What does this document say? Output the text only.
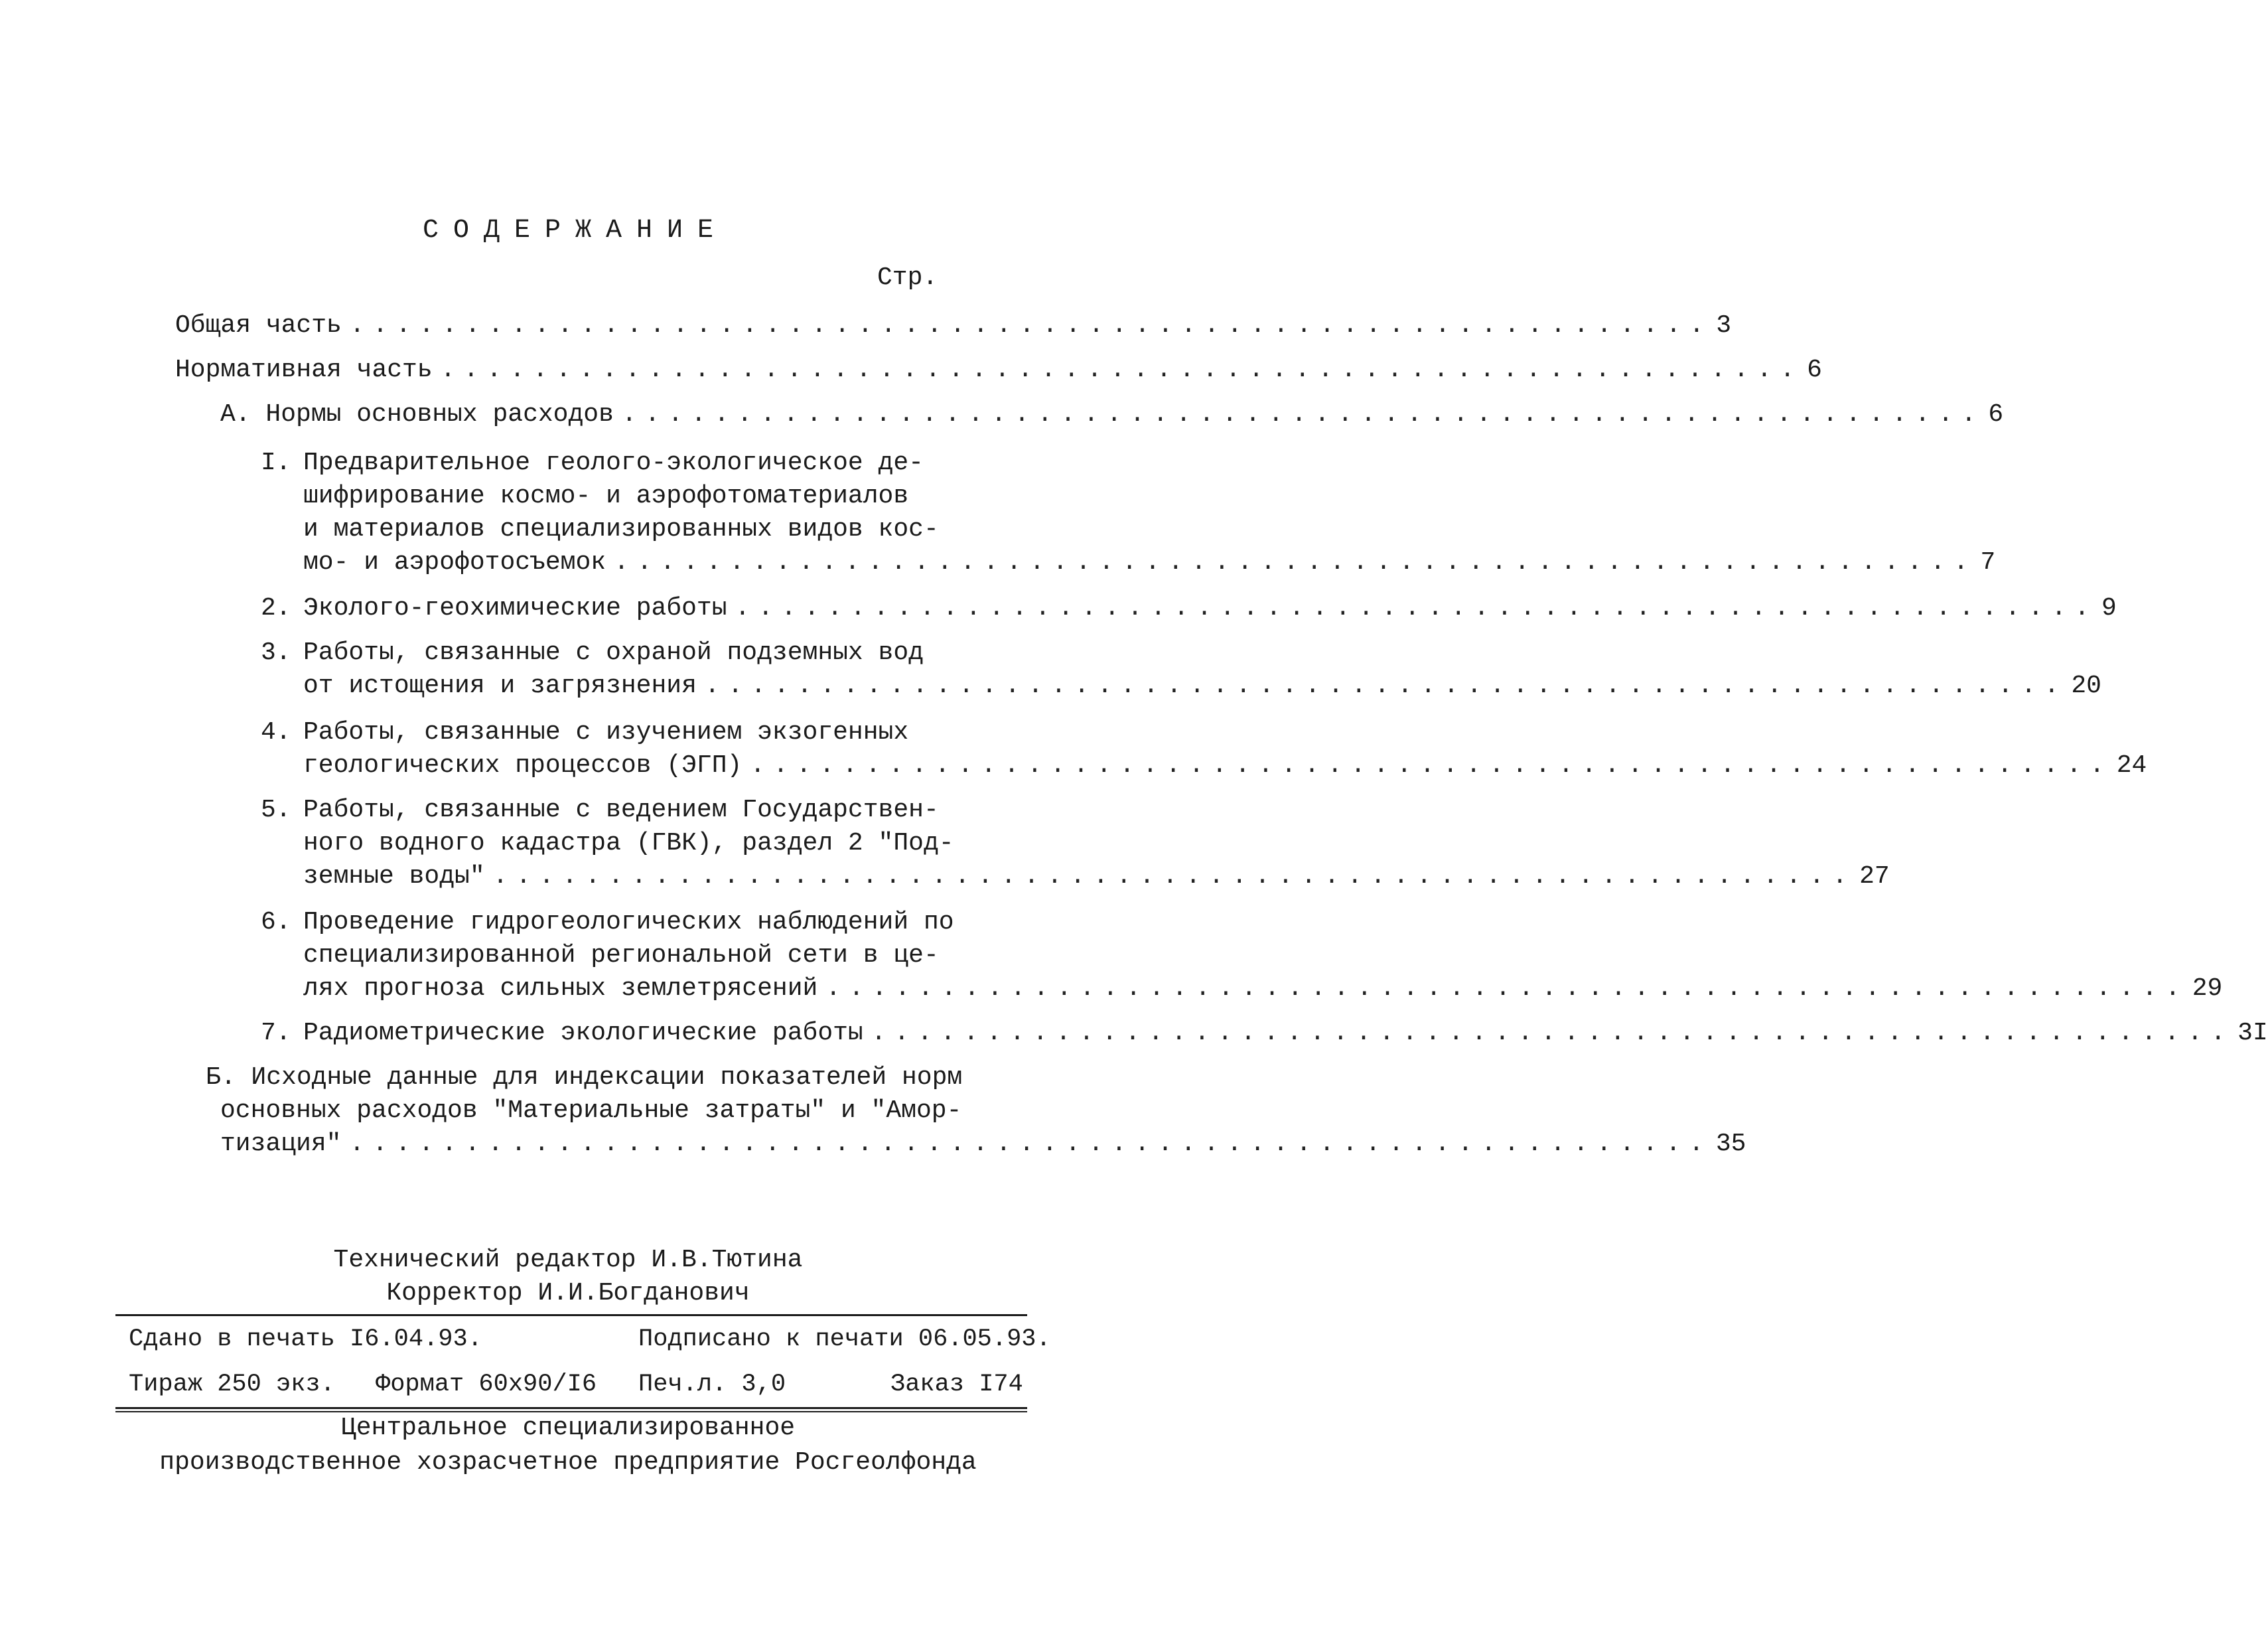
СОДЕРЖАНИЕ
Стр.
Общая часть ........................................................... 3
Нормативная часть ........................................................... 6
А. Нормы основных расходов ........................................................... 6
I. Предварительное геолого-экологическое де-
шифрирование космо- и аэрофотоматериалов
и материалов специализированных видов кос-
мо- и аэрофотосъемок ........................................................... 7
2. Эколого-геохимические работы ........................................................... 9
3. Работы, связанные с охраной подземных вод
от истощения и загрязнения ........................................................... 20
4. Работы, связанные с изучением экзогенных
геологических процессов (ЭГП) ........................................................... 24
5. Работы, связанные с ведением Государствен-
ного водного кадастра (ГВК), раздел 2 "Под-
земные воды" ........................................................... 27
6. Проведение гидрогеологических наблюдений по
специализированной региональной сети в це-
лях прогноза сильных землетрясений ........................................................... 29
7. Радиометрические экологические работы ........................................................... 3I
Б. Исходные данные для индексации показателей норм
основных расходов "Материальные затраты" и "Амор-
тизация" ........................................................... 35
Технический редактор И.В.Тютина
Корректор И.И.Богданович
Сдано в печать I6.04.93.	Подписано к печати 06.05.93.
Тираж 250 экз. Формат 60х90/I6 Печ.л. 3,0	Заказ I74
Центральное специализированное
производственное хозрасчетное предприятие Росгеолфонда
